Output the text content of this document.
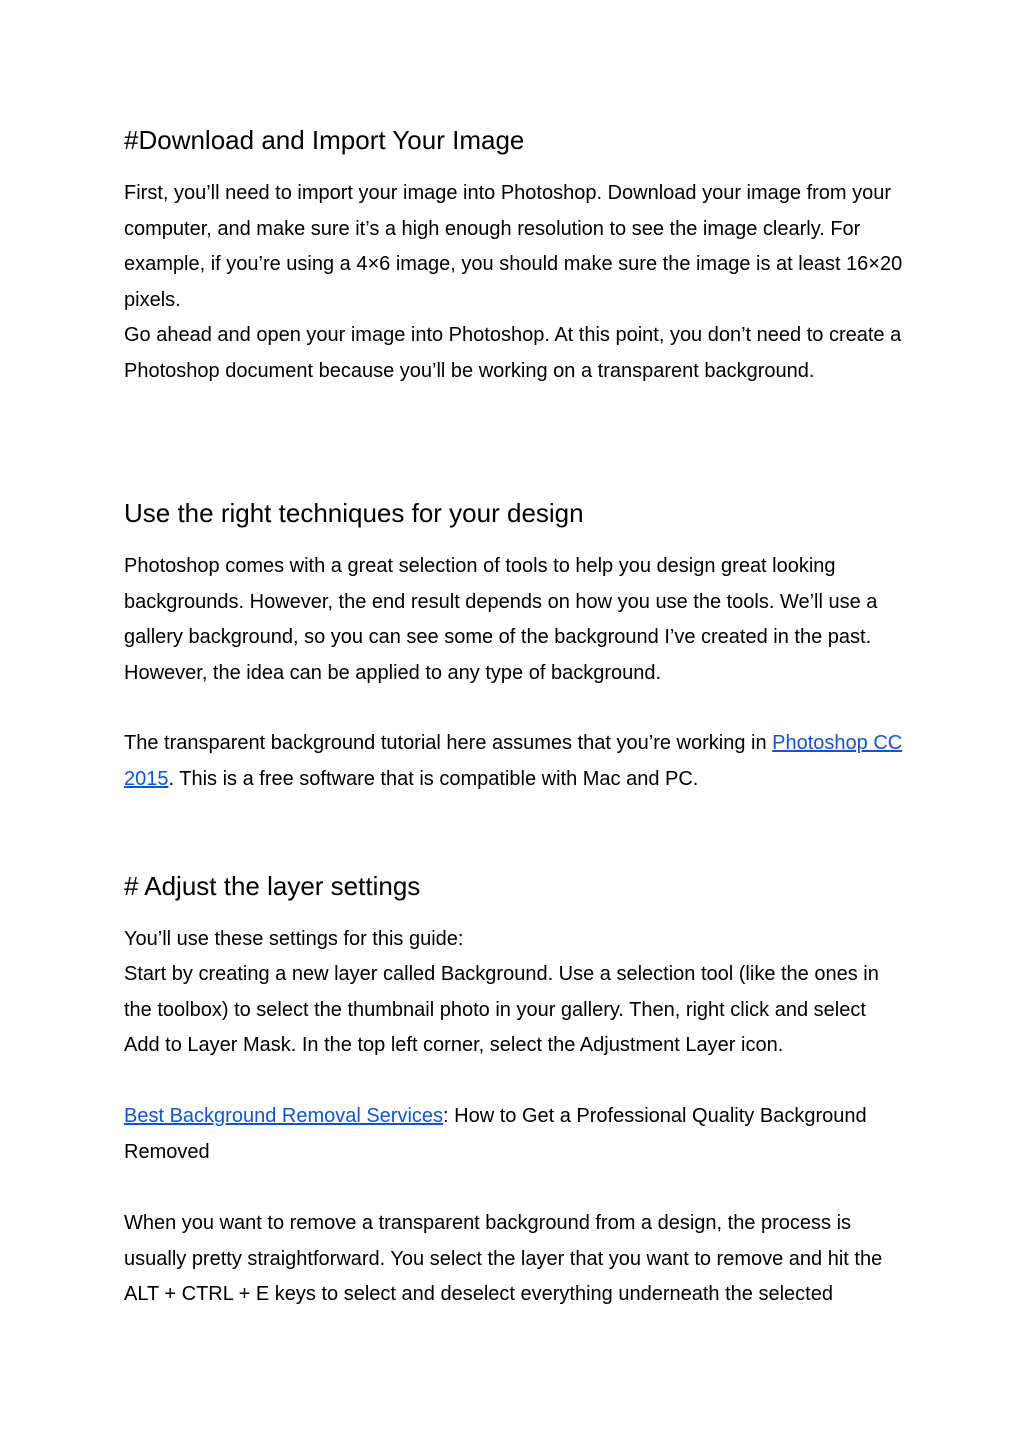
#Download and Import Your Image

First, you’ll need to import your image into Photoshop. Download your image from your computer, and make sure it’s a high enough resolution to see the image clearly. For example, if you’re using a 4×6 image, you should make sure the image is at least 16×20 pixels.

Go ahead and open your image into Photoshop. At this point, you don’t need to create a Photoshop document because you’ll be working on a transparent background.

Use the right techniques for your design

Photoshop comes with a great selection of tools to help you design great looking backgrounds. However, the end result depends on how you use the tools. We’ll use a gallery background, so you can see some of the background I’ve created in the past. However, the idea can be applied to any type of background.

The transparent background tutorial here assumes that you’re working in Photoshop CC 2015. This is a free software that is compatible with Mac and PC.

# Adjust the layer settings

You’ll use these settings for this guide:

Start by creating a new layer called Background. Use a selection tool (like the ones in the toolbox) to select the thumbnail photo in your gallery. Then, right click and select Add to Layer Mask. In the top left corner, select the Adjustment Layer icon.

Best Background Removal Services: How to Get a Professional Quality Background Removed

When you want to remove a transparent background from a design, the process is usually pretty straightforward. You select the layer that you want to remove and hit the ALT + CTRL + E keys to select and deselect everything underneath the selected
